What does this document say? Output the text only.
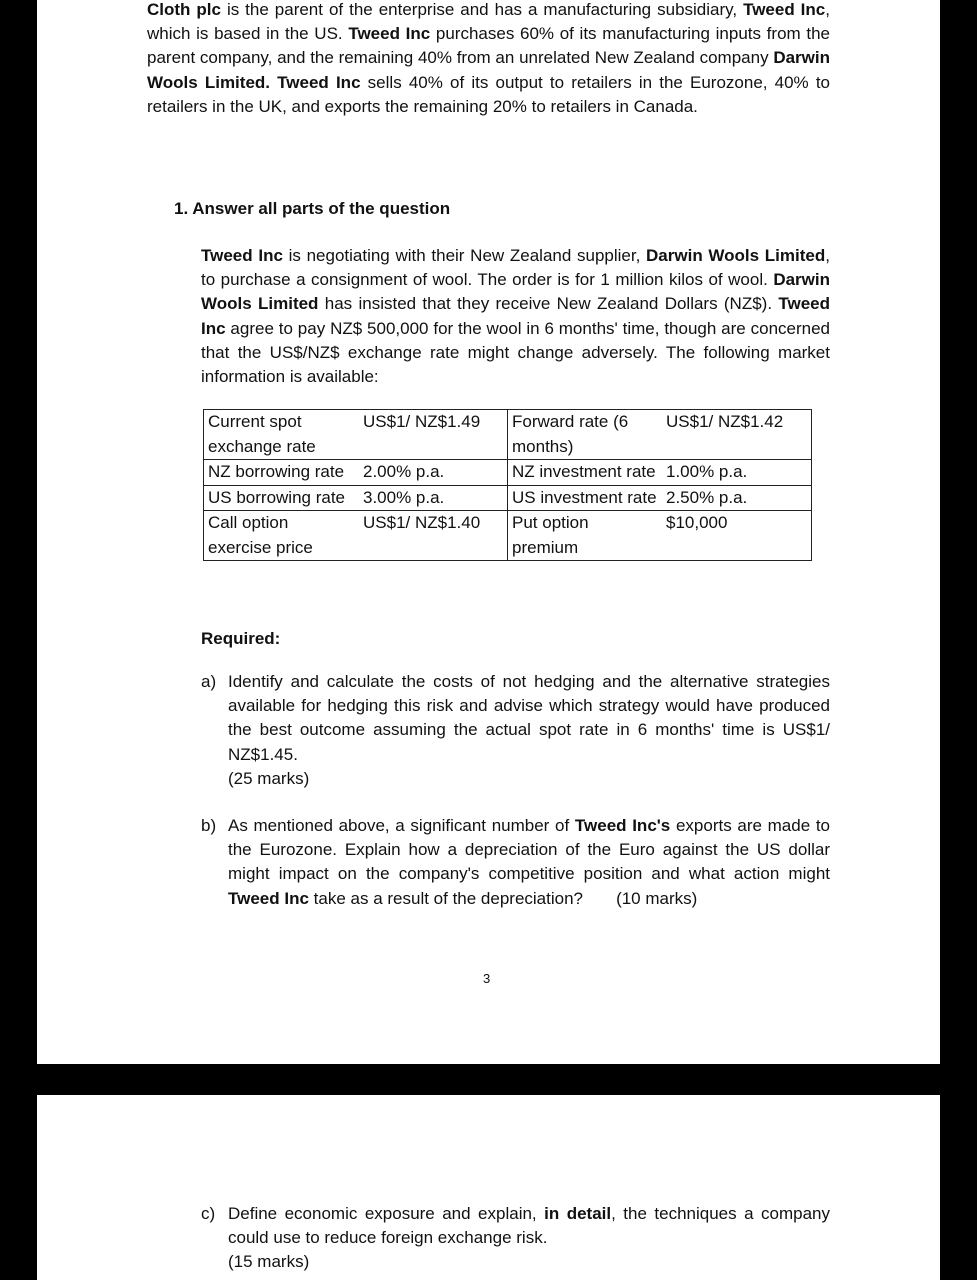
Cloth plc is the parent of the enterprise and has a manufacturing subsidiary, Tweed Inc, which is based in the US. Tweed Inc purchases 60% of its manufacturing inputs from the parent company, and the remaining 40% from an unrelated New Zealand company Darwin Wools Limited. Tweed Inc sells 40% of its output to retailers in the Eurozone, 40% to retailers in the UK, and exports the remaining 20% to retailers in Canada.

1. Answer all parts of the question

Tweed Inc is negotiating with their New Zealand supplier, Darwin Wools Limited, to purchase a consignment of wool. The order is for 1 million kilos of wool. Darwin Wools Limited has insisted that they receive New Zealand Dollars (NZ$). Tweed Inc agree to pay NZ$ 500,000 for the wool in 6 months' time, though are concerned that the US$/NZ$ exchange rate might change adversely. The following market information is available:

Current spot exchange rate	US$1/ NZ$1.49	Forward rate (6 months)	US$1/ NZ$1.42
NZ borrowing rate	2.00% p.a.	NZ investment rate	1.00% p.a.
US borrowing rate	3.00% p.a.	US investment rate	2.50% p.a.
Call option exercise price	US$1/ NZ$1.40	Put option premium	$10,000
Required:
a) Identify and calculate the costs of not hedging and the alternative strategies available for hedging this risk and advise which strategy would have produced the best outcome assuming the actual spot rate in 6 months' time is US$1/ NZ$1.45.
(25 marks)
b) As mentioned above, a significant number of Tweed Inc's exports are made to the Eurozone. Explain how a depreciation of the Euro against the US dollar might impact on the company's competitive position and what action might Tweed Inc take as a result of the depreciation? (10 marks)
3
c) Define economic exposure and explain, in detail, the techniques a company could use to reduce foreign exchange risk.
(15 marks)
